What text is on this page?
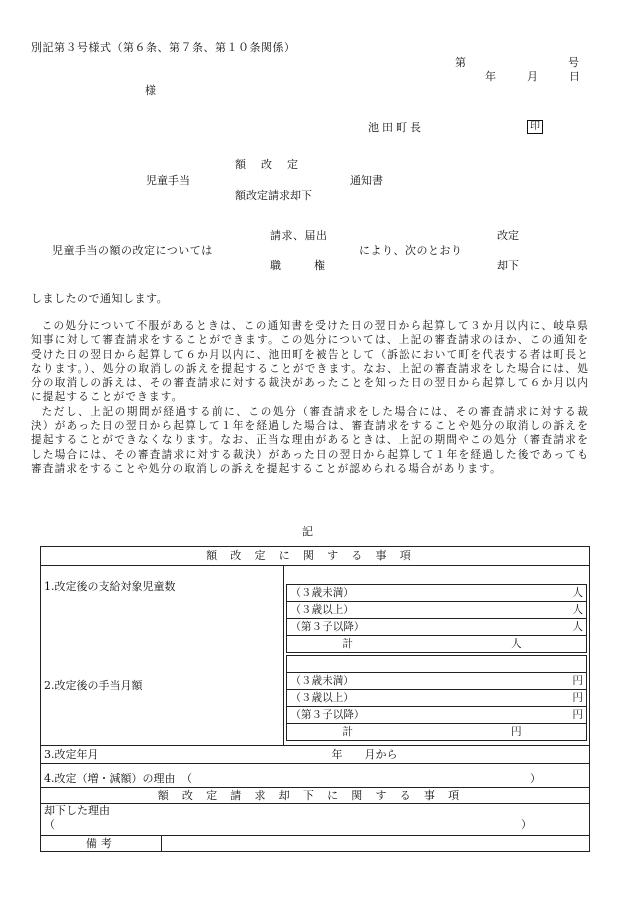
別記第３号様式（第６条、第７条、第１０条関係）
第	号
年	月	日
様
池田町長	印
額　改　定
児童手当	通知書
額改定請求却下
請求、届出
児童手当の額の改定については	により、次のとおり
改定
職　　　権	却下
しましたので通知します。

この処分について不服があるときは、この通知書を受けた日の翌日から起算して３か月以内に、岐阜県知事に対して審査請求をすることができます。この処分については、上記の審査請求のほか、この通知を受けた日の翌日から起算して６か月以内に、池田町を被告として（訴訟において町を代表する者は町長となります。）、処分の取消しの訴えを提起することができます。なお、上記の審査請求をした場合には、処分の取消しの訴えは、その審査請求に対する裁決があったことを知った日の翌日から起算して６か月以内に提起することができます。

ただし、上記の期間が経過する前に、この処分（審査請求をした場合には、その審査請求に対する裁決）があった日の翌日から起算して１年を経過した場合は、審査請求をすることや処分の取消しの訴えを提起することができなくなります。なお、正当な理由があるときは、上記の期間やこの処分（審査請求をした場合には、その審査請求に対する裁決）があった日の翌日から起算して１年を経過した後であっても審査請求をすることや処分の取消しの訴えを提起することが認められる場合があります。

記
額改定に関する事項
1.改定後の支給対象児童数		（３歳未満）	人

（３歳以上）	人

（第３子以降）	人

計	人

2.改定後の手当月額		（３歳未満）	円

（３歳以上）	円

（第３子以降）	円

計	円

3.改定年月	年　　月から

4.改定（増・減額）の理由　（	）

額改定請求却下に関する事項

却下した理由
（	）

備考	
